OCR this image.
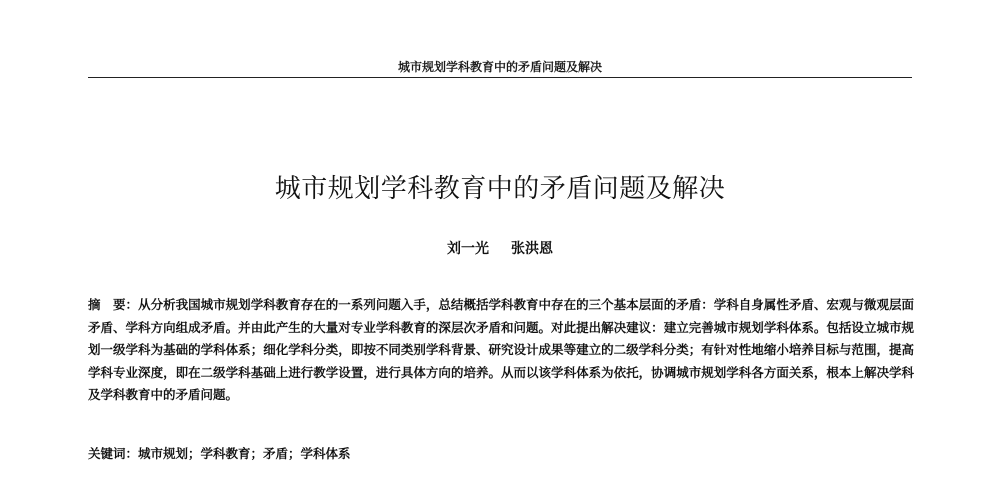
城市规划学科教育中的矛盾问题及解决
城市规划学科教育中的矛盾问题及解决
刘一光 张洪恩
摘　要：从分析我国城市规划学科教育存在的一系列问题入手，总结概括学科教育中存在的三个基本层面的矛盾：学科自身属性矛盾、宏观与微观层面矛盾、学科方向组成矛盾。并由此产生的大量对专业学科教育的深层次矛盾和问题。对此提出解决建议：建立完善城市规划学科体系。包括设立城市规划一级学科为基础的学科体系；细化学科分类，即按不同类别学科背景、研究设计成果等建立的二级学科分类；有针对性地缩小培养目标与范围，提高学科专业深度，即在二级学科基础上进行教学设置，进行具体方向的培养。从而以该学科体系为依托，协调城市规划学科各方面关系，根本上解决学科及学科教育中的矛盾问题。
关键词：城市规划；学科教育；矛盾；学科体系
